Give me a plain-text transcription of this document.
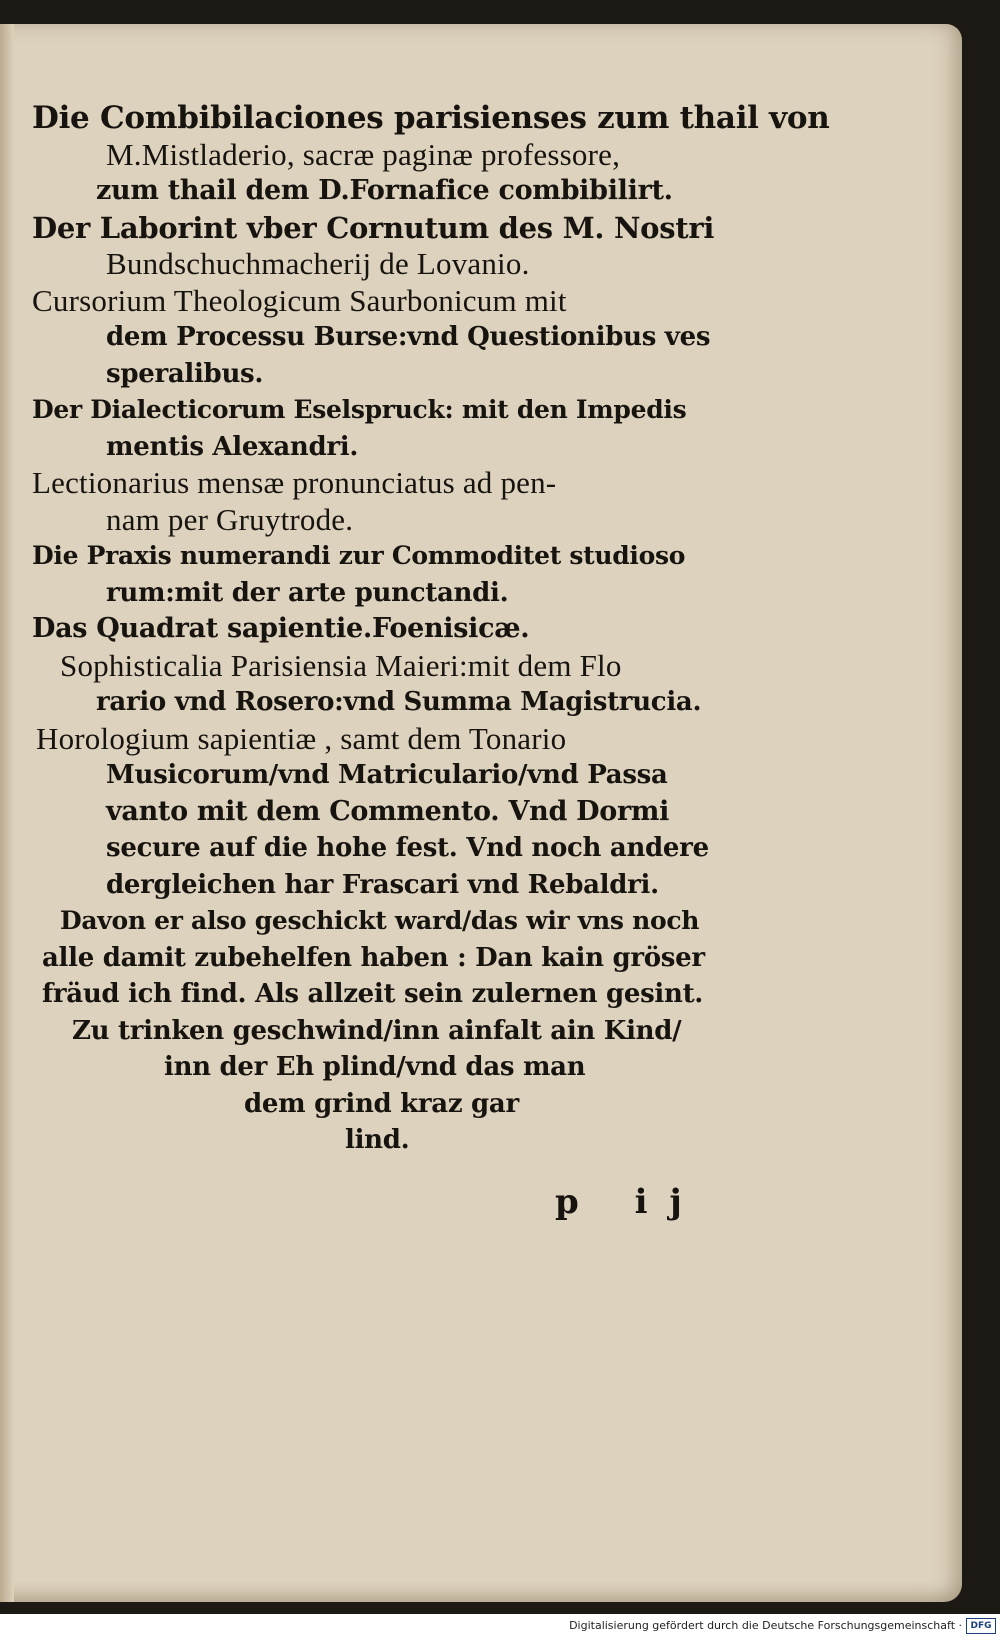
Die Combibilaciones parisienses zum thail von
M.Mistladerio, sacræ paginæ professore,
zum thail dem D.Fornafice combibilirt.
Der Laborint vber Cornutum des M. Nostri
Bundschuchmacherij de Lovanio.
Cursorium Theologicum Saurbonicum mit
dem Processu Burse:vnd Questionibus ves
speralibus.
Der Dialecticorum Eselspruck: mit den Impedis
mentis Alexandri.
Lectionarius mensæ pronunciatus ad pen-
nam per Gruytrode.
Die Praxis numerandi zur Commoditet studioso
rum:mit der arte punctandi.
Das Quadrat sapientie.Foenisicæ.
Sophisticalia Parisiensia Maieri:mit dem Flo
rario vnd Rosero:vnd Summa Magistrucia.
Horologium sapientiæ , samt dem Tonario
Musicorum/vnd Matriculario/vnd Passa
vanto mit dem Commento. Vnd Dormi
secure auf die hohe fest. Vnd noch andere
dergleichen har Frascari vnd Rebaldri.
Davon er also geschickt ward/das wir vns noch
alle damit zubehelfen haben : Dan kain gröser
fräud ich find. Als allzeit sein zulernen gesint.
Zu trinken geschwind/inn ainfalt ain Kind/
inn der Eh plind/vnd das man
dem grind kraz gar
lind.
p ij
Digitalisierung gefördert durch die Deutsche Forschungsgemeinschaft · DFG
